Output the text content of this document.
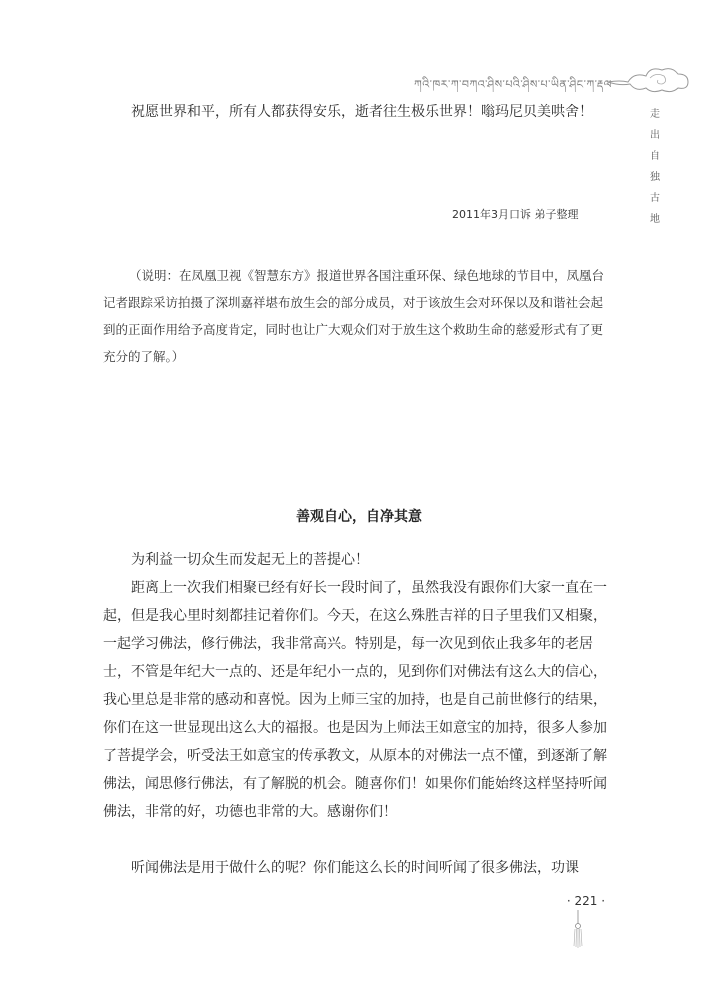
ཀའི་ཁར་ཀ་བཀའ་ཤིས་པའི་ཤིས་པ་ཡིན་ཤིང་ཀ་རྡལ
走
出
自
独
古
地

祝愿世界和平，所有人都获得安乐，逝者往生极乐世界！嗡玛尼贝美哄舍！

2011年3月口诉 弟子整理

（说明：在凤凰卫视《智慧东方》报道世界各国注重环保、绿色地球的节目中，凤凰台记者跟踪采访拍摄了深圳嘉祥堪布放生会的部分成员，对于该放生会对环保以及和谐社会起到的正面作用给予高度肯定，同时也让广大观众们对于放生这个救助生命的慈爱形式有了更充分的了解。）

善观自心，自净其意

为利益一切众生而发起无上的菩提心！

距离上一次我们相聚已经有好长一段时间了，虽然我没有跟你们大家一直在一起，但是我心里时刻都挂记着你们。今天，在这么殊胜吉祥的日子里我们又相聚，一起学习佛法，修行佛法，我非常高兴。特别是，每一次见到依止我多年的老居士，不管是年纪大一点的、还是年纪小一点的，见到你们对佛法有这么大的信心，我心里总是非常的感动和喜悦。因为上师三宝的加持，也是自己前世修行的结果，你们在这一世显现出这么大的福报。也是因为上师法王如意宝的加持，很多人参加了菩提学会，听受法王如意宝的传承教文，从原本的对佛法一点不懂，到逐渐了解佛法，闻思修行佛法，有了解脱的机会。随喜你们！如果你们能始终这样坚持听闻佛法，非常的好，功德也非常的大。感谢你们！

听闻佛法是用于做什么的呢？你们能这么长的时间听闻了很多佛法，功课

· 221 ·
